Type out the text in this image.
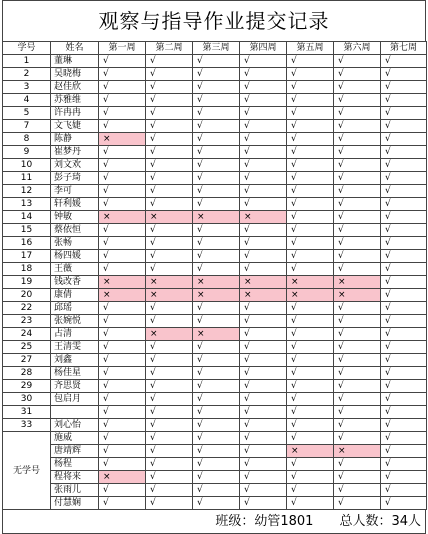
观察与指导作业提交记录
学号	姓名	第一周	第二周	第三周	第四周	第五周	第六周	第七周
1	董琳	√	√	√	√	√	√	√
2	吴晓梅	√	√	√	√	√	√	√
3	赵佳欣	√	√	√	√	√	√	√
4	苏雅维	√	√	√	√	√	√	√
5	许冉冉	√	√	√	√	√	√	√
7	文飞婕	√	√	√	√	√	√	√
8	陈静	×	√	√	√	√	√	√
9	崔梦丹	√	√	√	√	√	√	√
10	刘文欢	√	√	√	√	√	√	√
11	彭子琦	√	√	√	√	√	√	√
12	李可	√	√	√	√	√	√	√
13	轩利媛	√	√	√	√	√	√	√
14	钟敏	×	×	×	×	√	√	√
15	蔡依恒	√	√	√	√	√	√	√
16	张畅	√	√	√	√	√	√	√
17	杨四媛	√	√	√	√	√	√	√
18	王薇	√	√	√	√	√	√	√
19	钱改香	×	×	×	×	×	×	√
20	康倩	×	×	×	×	×	×	√
22	邱瑶	√	√	√	√	√	√	√
23	张婉悦	√	√	√	√	√	√	√
24	占清	√	×	×	√	√	√	√
25	王清雯	√	√	√	√	√	√	√
27	刘鑫	√	√	√	√	√	√	√
28	杨佳星	√	√	√	√	√	√	√
29	齐思贤	√	√	√	√	√	√	√
30	包启月	√	√	√	√	√	√	√
31		√	√	√	√	√	√	√
33	刘心怡	√	√	√	√	√	√	√
无学号	施威	√	√	√	√	√	√	√
	唐靖辉	√	√	√	√	×	×	√
	杨程	√	√	√	√	√	√	√
	程将来	×	√	√	√	√	√	√
	张雨儿	√	√	√	√	√	√	√
	付慧娴	√	√	√	√	√	√	√
班级：幼管1801 总人数：34人
